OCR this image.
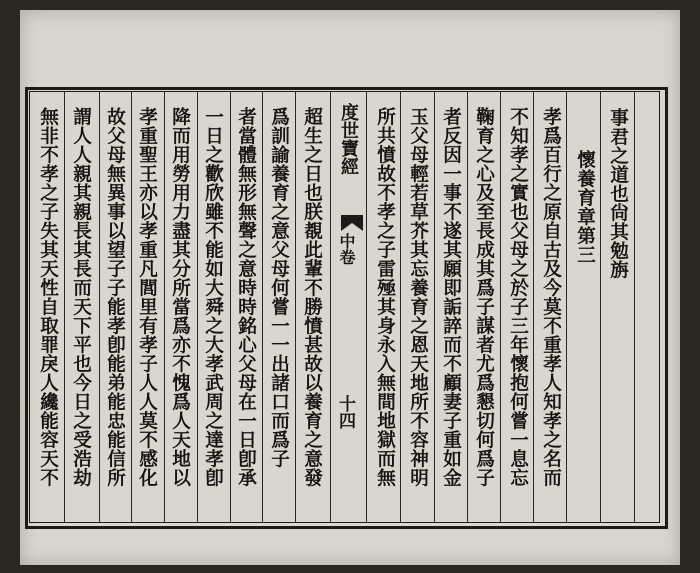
事君之道也尙其勉旃
懷養育章第三
孝爲百行之原自古及今莫不重孝人知孝之名而
不知孝之實也父母之於子三年懷抱何嘗一息忘
鞠育之心及至長成其爲子謀者尤爲懇切何爲子
者反因一事不遂其願即詬誶而不顧妻子重如金
玉父母輕若草芥其忘養育之恩天地所不容神明
所共憤故不孝之子雷殛其身永入無間地獄而無
度世寶經
中卷
十四
超生之日也朕覩此輩不勝憤甚故以養育之意發
爲訓諭養育之意父母何嘗一一出諸口而爲子
者當體無形無聲之意時時銘心父母在一日卽承
一日之歡欣雖不能如大舜之大孝武周之達孝卽
降而用勞用力盡其分所當爲亦不愧爲人天地以
孝重聖王亦以孝重凡閭里有孝子人人莫不感化
故父母無異事以望子子能孝卽能弟能忠能信所
謂人人親其親長其長而天下平也今日之受浩劫
無非不孝之子失其天性自取罪戾人纔能容天不
